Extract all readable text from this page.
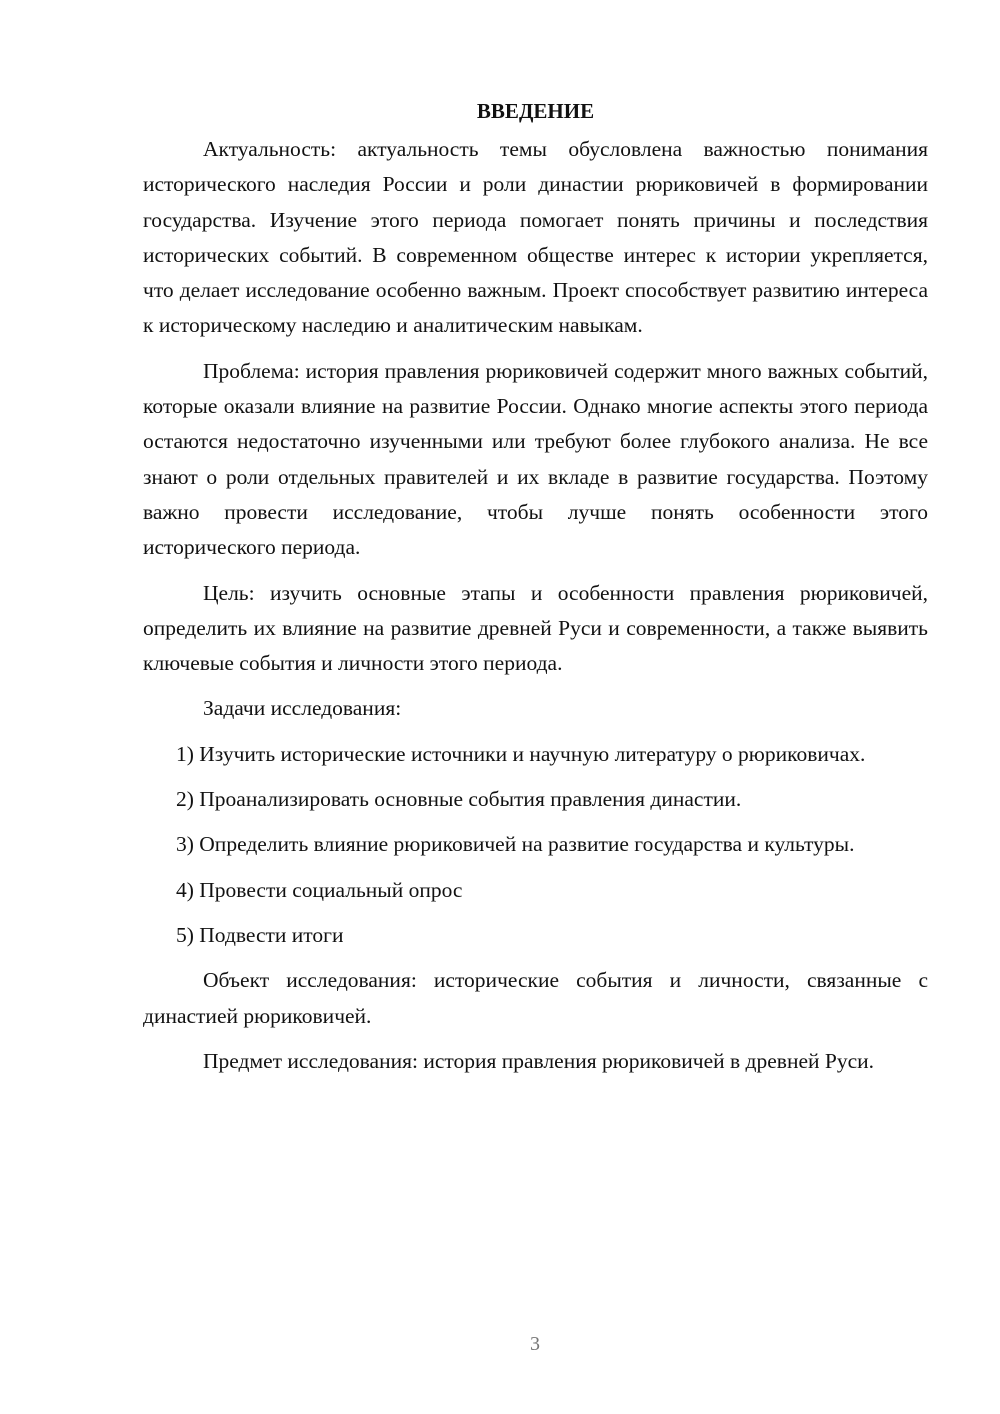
ВВЕДЕНИЕ

Актуальность: актуальность темы обусловлена важностью понимания исторического наследия России и роли династии рюриковичей в формировании государства. Изучение этого периода помогает понять причины и последствия исторических событий. В современном обществе интерес к истории укрепляется, что делает исследование особенно важным. Проект способствует развитию интереса к историческому наследию и аналитическим навыкам.

Проблема: история правления рюриковичей содержит много важных событий, которые оказали влияние на развитие России. Однако многие аспекты этого периода остаются недостаточно изученными или требуют более глубокого анализа. Не все знают о роли отдельных правителей и их вкладе в развитие государства. Поэтому важно провести исследование, чтобы лучше понять особенности этого исторического периода.

Цель: изучить основные этапы и особенности правления рюриковичей, определить их влияние на развитие древней Руси и современности, а также выявить ключевые события и личности этого периода.

Задачи исследования:

1) Изучить исторические источники и научную литературу о рюриковичах.

2) Проанализировать основные события правления династии.

3) Определить влияние рюриковичей на развитие государства и культуры.

4) Провести социальный опрос

5) Подвести итоги

Объект исследования: исторические события и личности, связанные с династией рюриковичей.

Предмет исследования: история правления рюриковичей в древней Руси.

3
